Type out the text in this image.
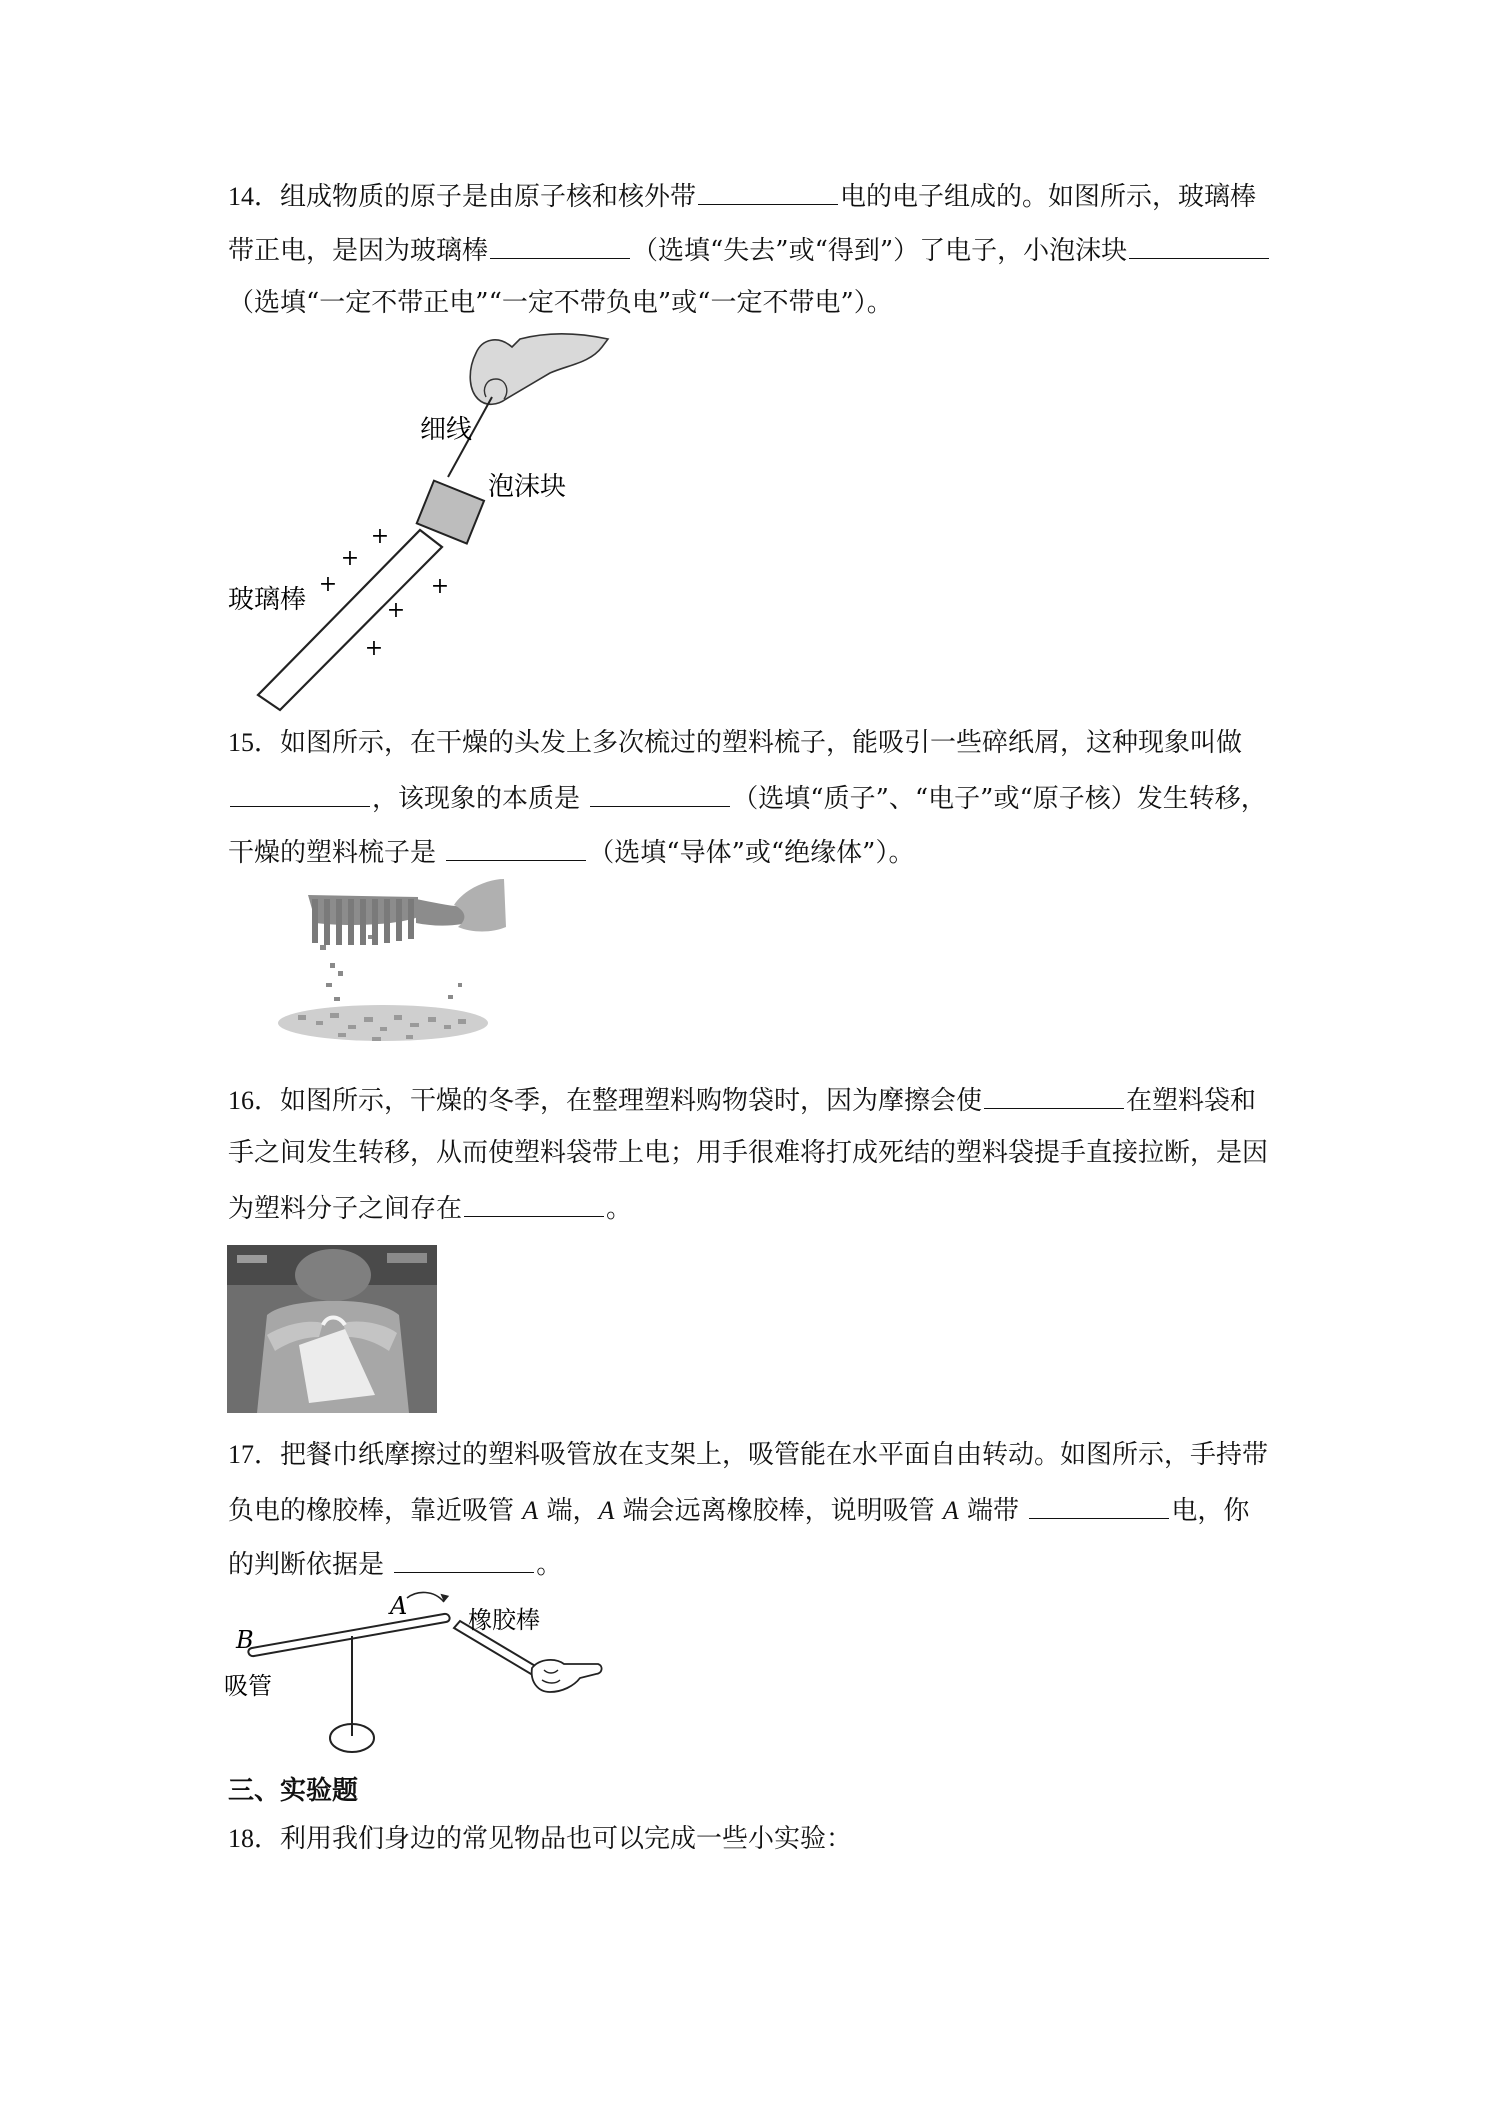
14．组成物质的原子是由原子核和核外带	电的电子组成的。如图所示，玻璃棒
带正电，是因为玻璃棒	（选填“失去”或“得到”）了电子，小泡沫块
（选填“一定不带正电”“一定不带负电”或“一定不带电”）。
+
+
+	+
+
+
细线
泡沫块
玻璃棒
15．如图所示，在干燥的头发上多次梳过的塑料梳子，能吸引一些碎纸屑，这种现象叫做
，该现象的本质是	（选填“质子”、“电子”或“原子核）发生转移，
干燥的塑料梳子是	（选填“导体”或“绝缘体”）。
16．如图所示，干燥的冬季，在整理塑料购物袋时，因为摩擦会使	在塑料袋和
手之间发生转移，从而使塑料袋带上电；用手很难将打成死结的塑料袋提手直接拉断，是因
为塑料分子之间存在	。
17．把餐巾纸摩擦过的塑料吸管放在支架上，吸管能在水平面自由转动。如图所示，手持带
负电的橡胶棒，靠近吸管 A 端，A 端会远离橡胶棒，说明吸管 A 端带	电，你
的判断依据是	。
A
B
吸管
橡胶棒
三、实验题
18．利用我们身边的常见物品也可以完成一些小实验：
